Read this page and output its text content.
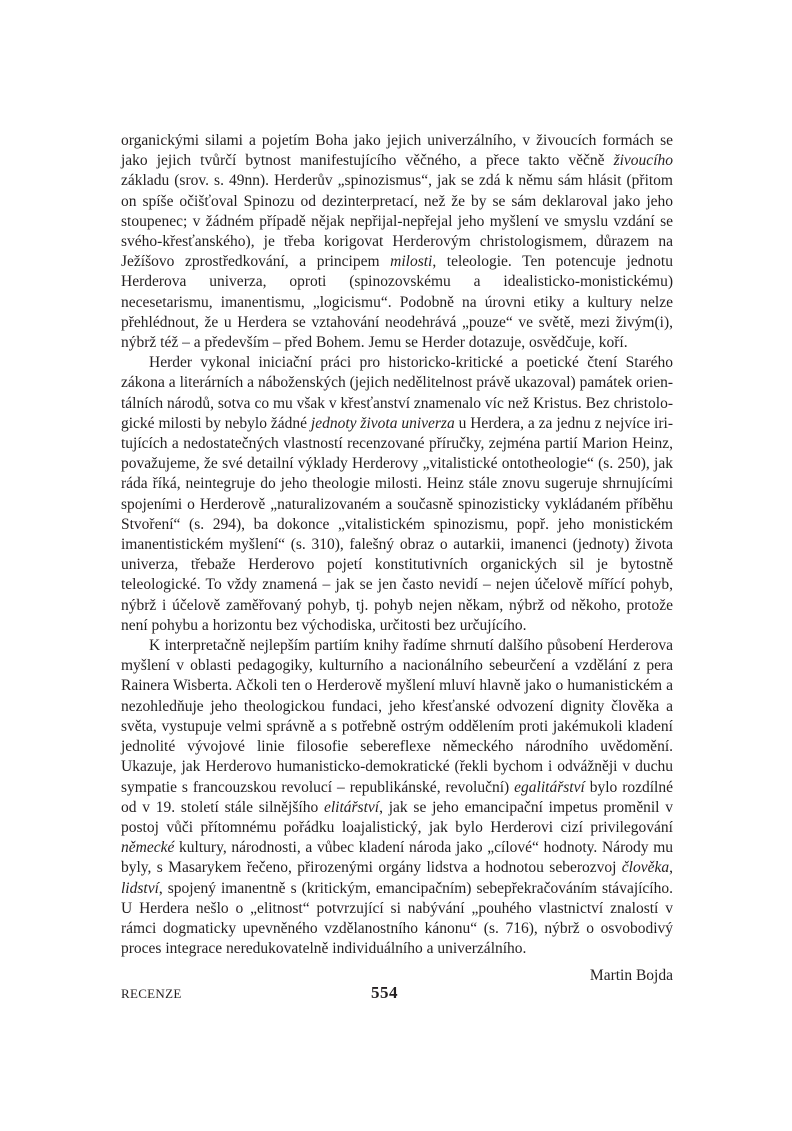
organickými silami a pojetím Boha jako jejich univerzálního, v živoucích formách se jako jejich tvůrčí bytnost manifestujícího věčného, a přece takto věčně živoucího základu (srov. s. 49nn). Herderův „spinozismus“, jak se zdá k němu sám hlásit (přitom on spíše očišťoval Spinozu od dezinterpretací, než že by se sám deklaroval jako jeho stoupenec; v žádném případě nějak nepřijal-nepřejal jeho myšlení ve smyslu vzdání se svého-křesťanského), je třeba korigovat Herderovým christologismem, důrazem na Ježíšovo zprostředkování, a principem milosti, teleologie. Ten potencuje jednotu Herderova univerza, oproti (spinozovskému a idealisticko-monistickému) necesetarismu, imanentismu, „logicismu“. Podobně na úrovni etiky a kultury nelze přehlédnout, že u Herdera se vztahování neodehrává „pouze“ ve světě, mezi živým(i), nýbrž též – a především – před Bohem. Jemu se Herder dotazuje, osvědčuje, koří.

Herder vykonal iniciační práci pro historicko-kritické a poetické čtení Starého zákona a literárních a náboženských (jejich nedělitelnost právě ukazoval) památek orientálních národů, sotva co mu však v křesťanství znamenalo víc než Kristus. Bez christologické milosti by nebylo žádné jednoty života univerza u Herdera, a za jednu z nejvíce iritujících a nedostatečných vlastností recenzované příručky, zejména partií Marion Heinz, považujeme, že své detailní výklady Herderovy „vitalistické ontotheologie“ (s. 250), jak ráda říká, neintegruje do jeho theologie milosti. Heinz stále znovu sugeruje shrnujícími spojeními o Herderově „naturalizovaném a současně spinozisticky vykládaném příběhu Stvoření“ (s. 294), ba dokonce „vitalistickém spinozismu, popř. jeho monistickém imanentistickém myšlení“ (s. 310), falešný obraz o autarkii, imanenci (jednoty) života univerza, třebaže Herderovo pojetí konstitutivních organických sil je bytostně teleologické. To vždy znamená – jak se jen často nevidí – nejen účelově mířící pohyb, nýbrž i účelově zaměřovaný pohyb, tj. pohyb nejen někam, nýbrž od někoho, protože není pohybu a horizontu bez východiska, určitosti bez určujícího.

K interpretačně nejlepším partiím knihy řadíme shrnutí dalšího působení Herderova myšlení v oblasti pedagogiky, kulturního a nacionálního sebeurčení a vzdělání z pera Rainera Wisberta. Ačkoli ten o Herderově myšlení mluví hlavně jako o humanistickém a nezohledňuje jeho theologickou fundaci, jeho křesťanské odvození dignity člověka a světa, vystupuje velmi správně a s potřebně ostrým oddělením proti jakémukoli kladení jednolité vývojové linie filosofie sebereflexe německého národního uvědomění. Ukazuje, jak Herderovo humanisticko-demokratické (řekli bychom i odvážněji v duchu sympatie s francouzskou revolucí – republikánské, revoluční) egalitářství bylo rozdílné od v 19. století stále silnějšího elitářství, jak se jeho emancipační impetus proměnil v postoj vůči přítomnému pořádku loajalistický, jak bylo Herderovi cizí privilegování německé kultury, národnosti, a vůbec kladení národa jako „cílové“ hodnoty. Národy mu byly, s Masarykem řečeno, přirozenými orgány lidstva a hodnotou seberozvoj člověka, lidství, spojený imanentně s (kritickým, emancipačním) sebepřekračováním stávajícího. U Herdera nešlo o „elitnost“ potvrzující si nabývání „pouhého vlastnictví znalostí v rámci dogmaticky upevněného vzdělanostního kánonu“ (s. 716), nýbrž o osvobodivý proces integrace neredukovatelně individuálního a univerzálního.

Martin Bojda

RECENZE	554
